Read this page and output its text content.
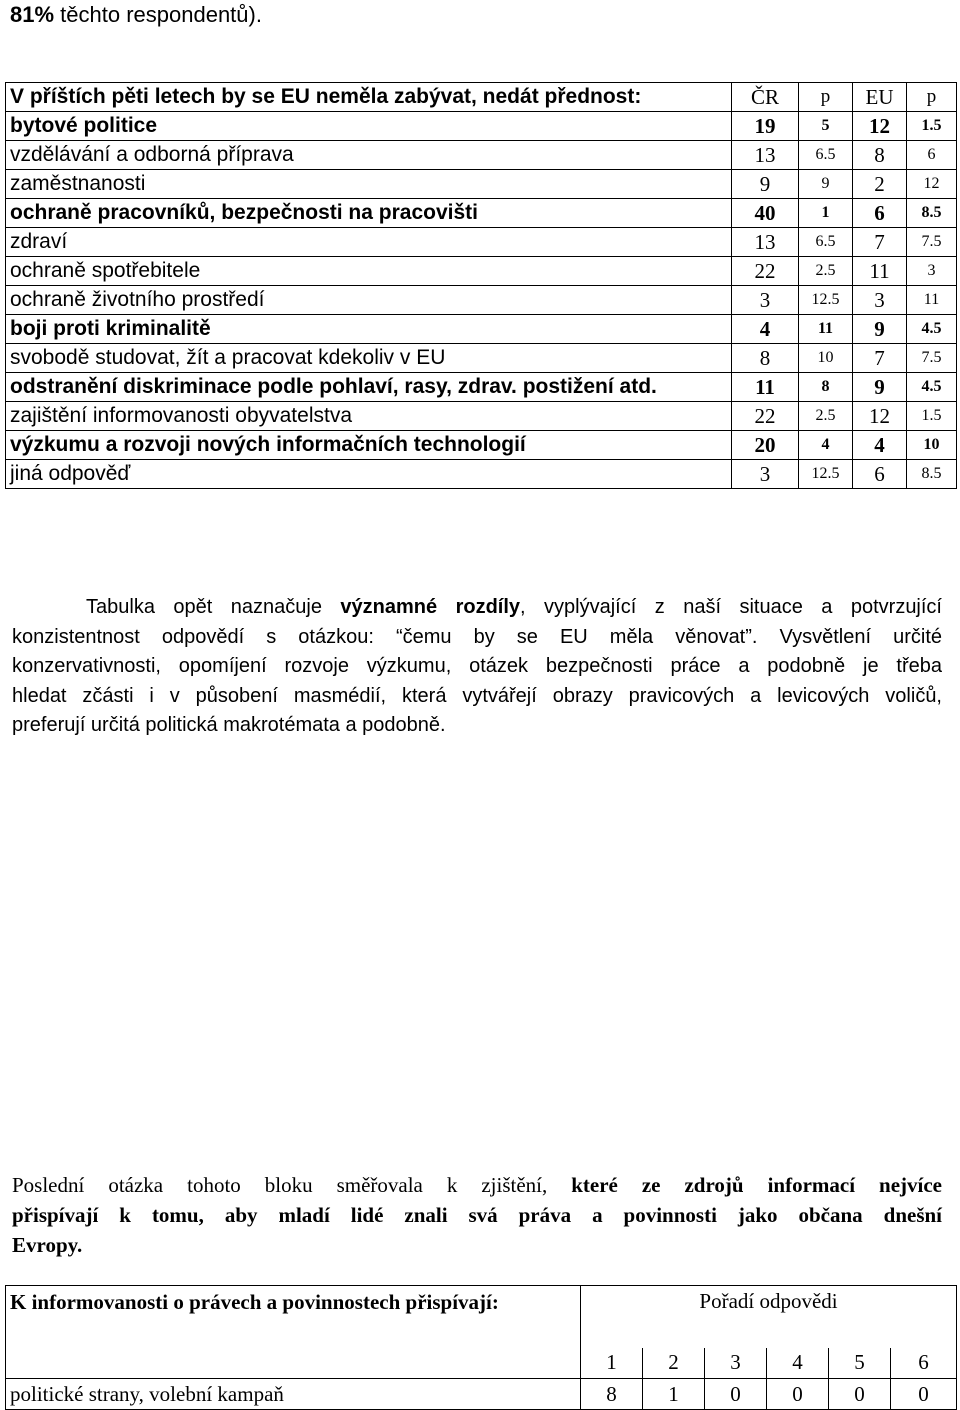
81% těchto respondentů).
V příštích pěti letech by se EU neměla zabývat, nedát přednost:	ČR	p	EU	p
bytové politice	19	5	12	1.5
vzdělávání a odborná příprava	13	6.5	8	6
zaměstnanosti	9	9	2	12
ochraně pracovníků, bezpečnosti na pracovišti	40	1	6	8.5
zdraví	13	6.5	7	7.5
ochraně spotřebitele	22	2.5	11	3
ochraně životního prostředí	3	12.5	3	11
boji proti kriminalitě	4	11	9	4.5
svobodě studovat, žít a pracovat kdekoliv v EU	8	10	7	7.5
odstranění diskriminace podle pohlaví, rasy, zdrav. postižení atd.	11	8	9	4.5
zajištění informovanosti obyvatelstva	22	2.5	12	1.5
výzkumu a rozvoji nových informačních technologií	20	4	4	10
jiná odpověď	3	12.5	6	8.5
Tabulka opět naznačuje významné rozdíly, vyplývající z naší situace a potvrzující
konzistentnost odpovědí s otázkou: “čemu by se EU měla věnovat”. Vysvětlení určité
konzervativnosti, opomíjení rozvoje výzkumu, otázek bezpečnosti práce a podobně je třeba
hledat zčásti i v působení masmédií, která vytvářejí obrazy pravicových a levicových voličů,
preferují určitá politická makrotémata a podobně.
Poslední otázka tohoto bloku směřovala k zjištění, které ze zdrojů informací nejvíce
přispívají k tomu, aby mladí lidé znali svá práva a povinnosti jako občana dnešní
Evropy.
K informovanosti o právech a povinnostech přispívají:	Pořadí odpovědi					
	1	2	3	4	5	6
politické strany, volební kampaň	8	1	0	0	0	0
